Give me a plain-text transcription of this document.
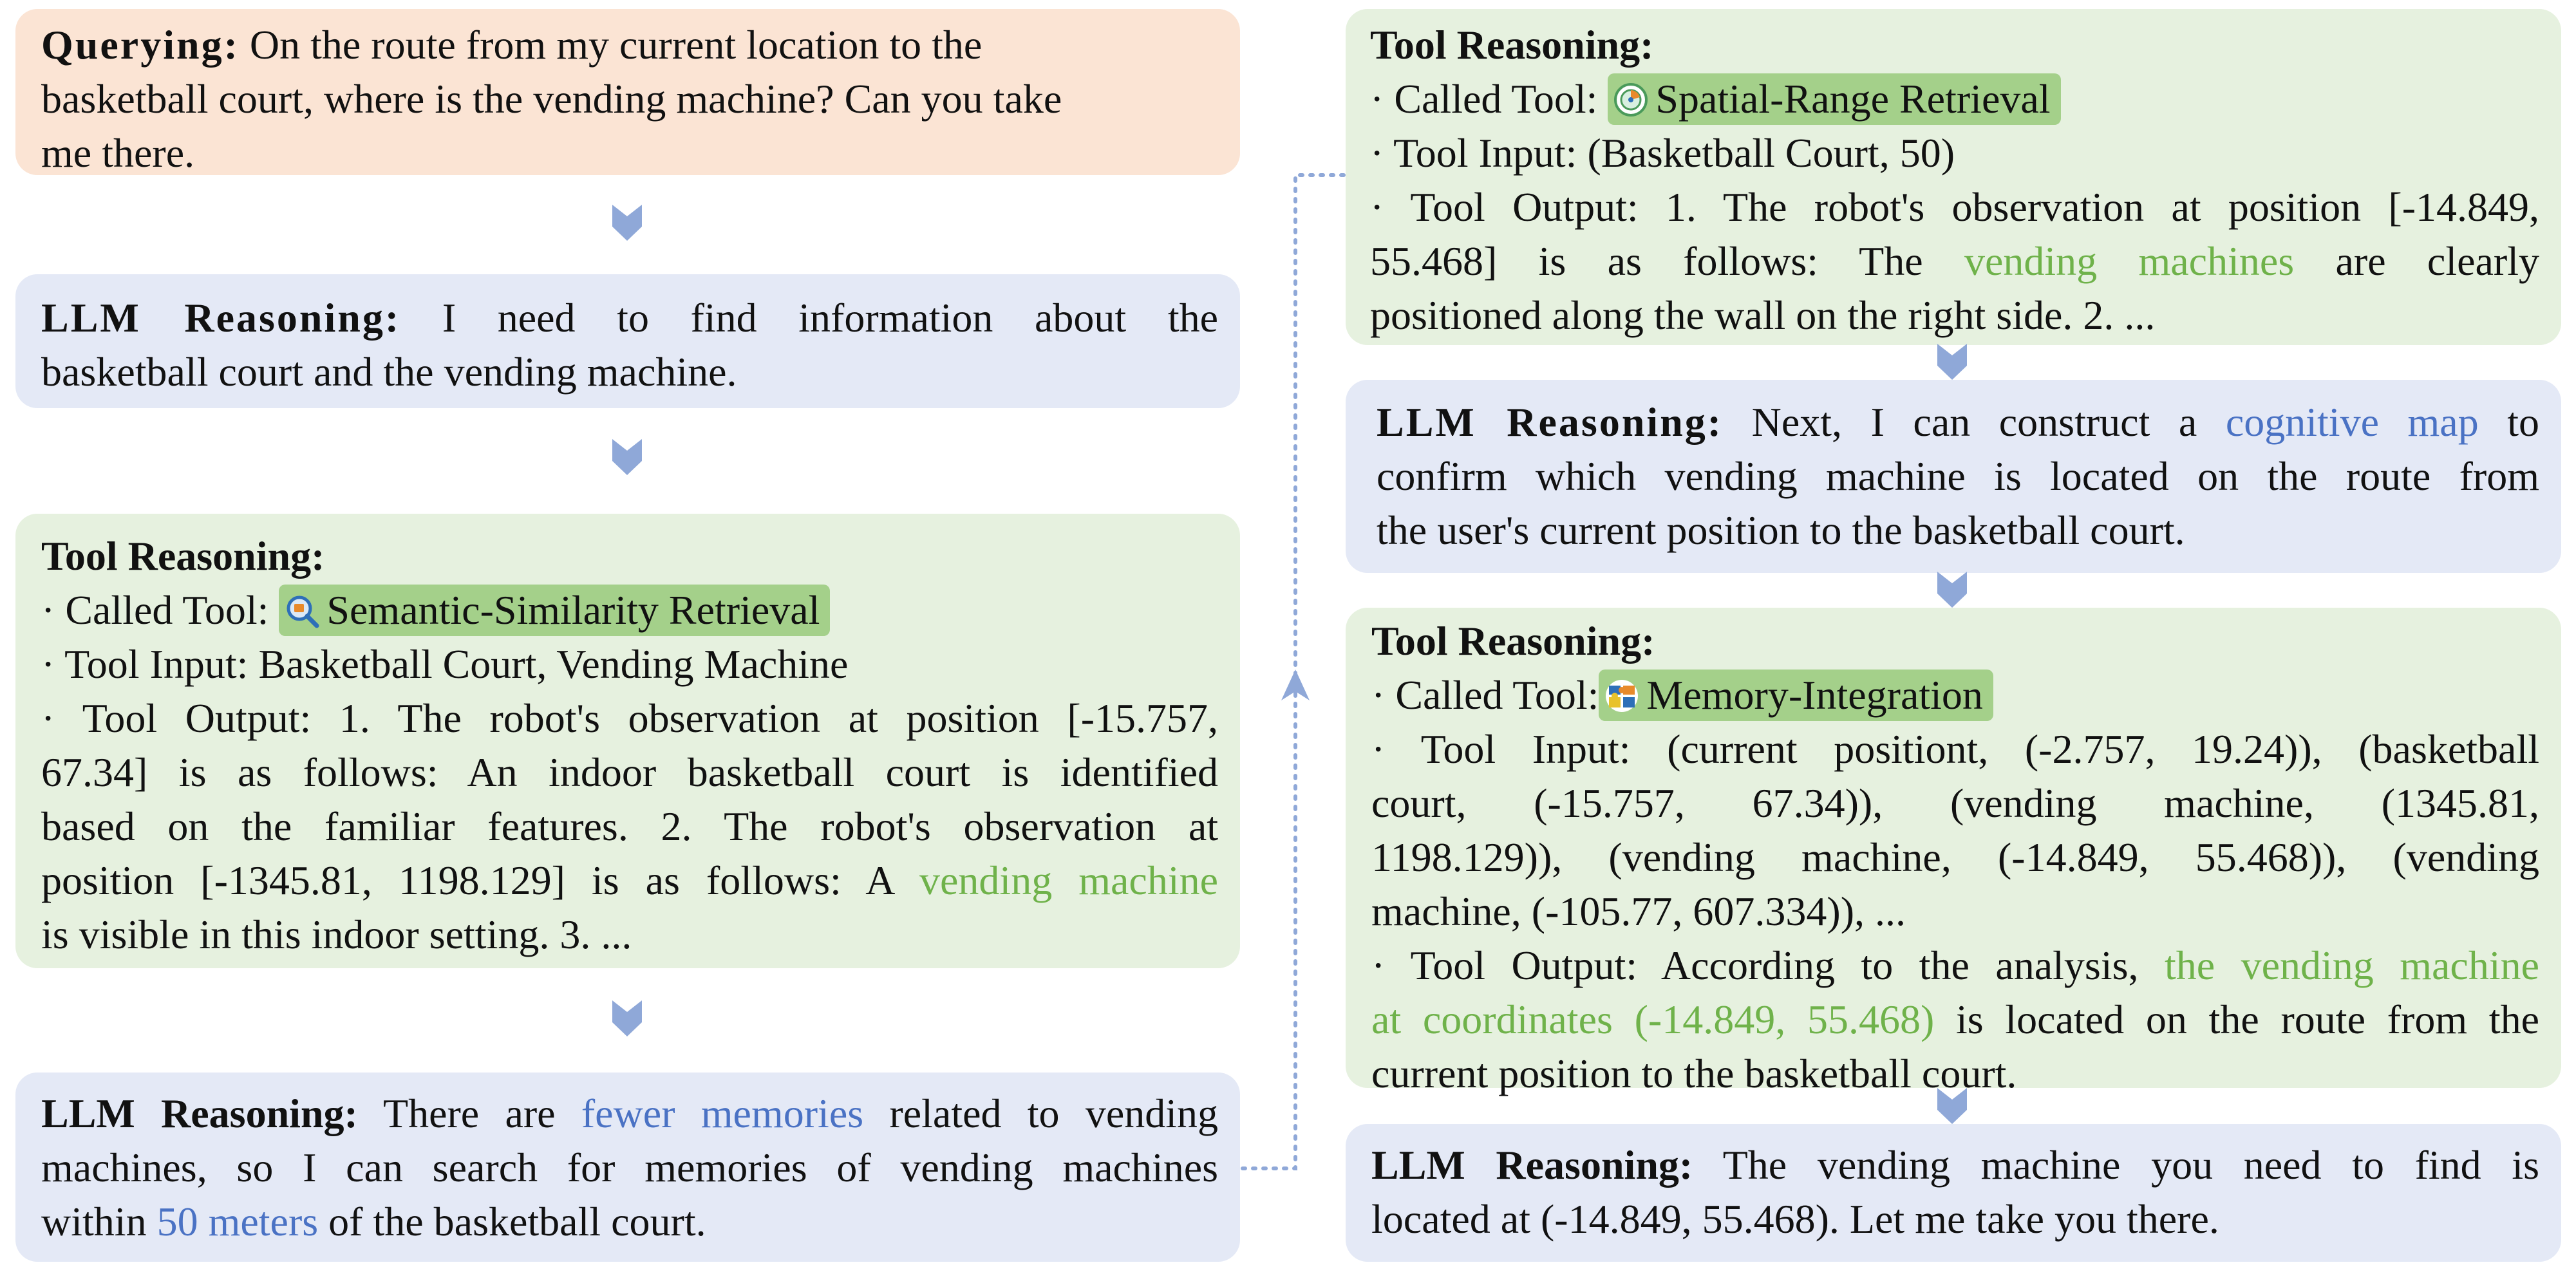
Querying: On the route from my current location to the
basketball court, where is the vending machine? Can you take
me there.
LLM Reasoning: I need to find information about the
basketball court and the vending machine.
Tool Reasoning:
· Called Tool: Semantic-Similarity Retrieval
· Tool Input: Basketball Court, Vending Machine
· Tool Output: 1. The robot's observation at position [-15.757,
67.34] is as follows: An indoor basketball court is identified
based on the familiar features. 2. The robot's observation at
position [-1345.81, 1198.129] is as follows: A vending machine
is visible in this indoor setting. 3. ...
LLM Reasoning: There are fewer memories related to vending
machines, so I can search for memories of vending machines
within 50 meters of the basketball court.
Tool Reasoning:
· Called Tool: Spatial-Range Retrieval
· Tool Input: (Basketball Court, 50)
· Tool Output: 1. The robot's observation at position [-14.849,
55.468] is as follows: The vending machines are clearly
positioned along the wall on the right side. 2. ...
LLM Reasoning: Next, I can construct a cognitive map to
confirm which vending machine is located on the route from
the user's current position to the basketball court.
Tool Reasoning:
· Called Tool: Memory-Integration
· Tool Input: (current positiont, (-2.757, 19.24)), (basketball
court, (-15.757, 67.34)), (vending machine, (1345.81,
1198.129)), (vending machine, (-14.849, 55.468)), (vending
machine, (-105.77, 607.334)), ...
· Tool Output: According to the analysis, the vending machine
at coordinates (-14.849, 55.468) is located on the route from the
current position to the basketball court.
LLM Reasoning: The vending machine you need to find is
located at (-14.849, 55.468). Let me take you there.
